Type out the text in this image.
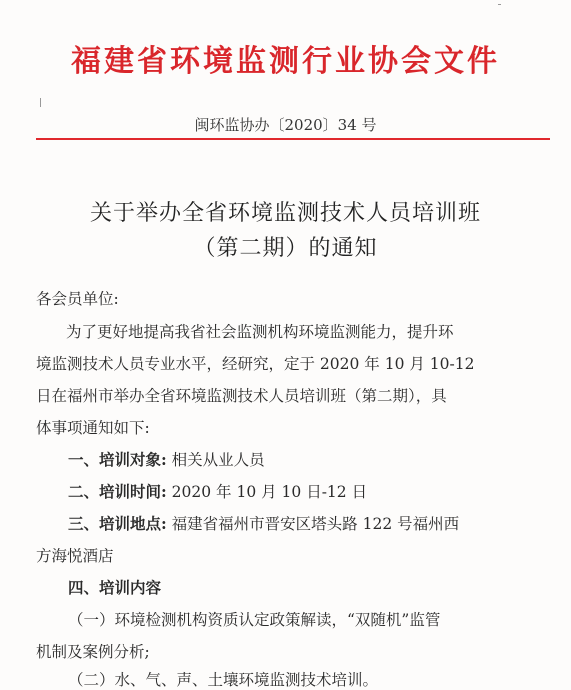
福建省环境监测行业协会文件
闽环监协办〔2020〕34 号
关于举办全省环境监测技术人员培训班
（第二期）的通知
各会员单位:
为了更好地提高我省社会监测机构环境监测能力，提升环
境监测技术人员专业水平，经研究，定于 2020 年 10 月 10-12
日在福州市举办全省环境监测技术人员培训班（第二期），具
体事项通知如下:
一、培训对象: 相关从业人员
二、培训时间: 2020 年 10 月 10 日-12 日
三、培训地点: 福建省福州市晋安区塔头路 122 号福州西
方海悦酒店
四、培训内容
（一）环境检测机构资质认定政策解读，“双随机”监管
机制及案例分析;
（二）水、气、声、土壤环境监测技术培训。
